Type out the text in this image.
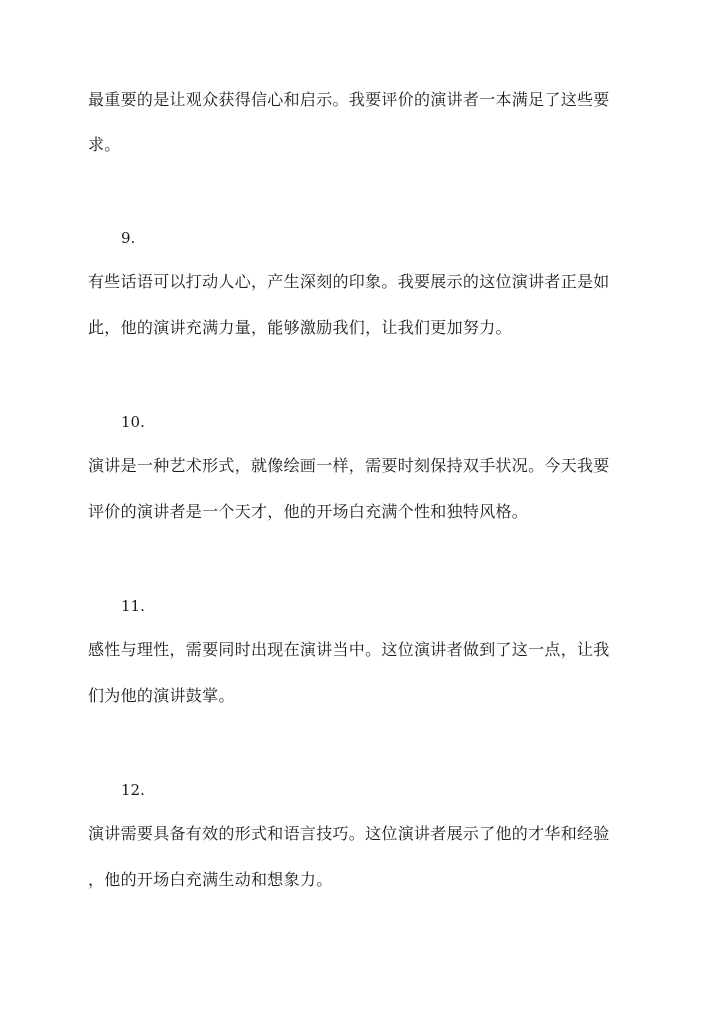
最重要的是让观众获得信心和启示。我要评价的演讲者一本满足了这些要
求。
9.
有些话语可以打动人心，产生深刻的印象。我要展示的这位演讲者正是如
此，他的演讲充满力量，能够激励我们，让我们更加努力。
10.
演讲是一种艺术形式，就像绘画一样，需要时刻保持双手状况。今天我要
评价的演讲者是一个天才，他的开场白充满个性和独特风格。
11.
感性与理性，需要同时出现在演讲当中。这位演讲者做到了这一点，让我
们为他的演讲鼓掌。
12.
演讲需要具备有效的形式和语言技巧。这位演讲者展示了他的才华和经验
，他的开场白充满生动和想象力。
